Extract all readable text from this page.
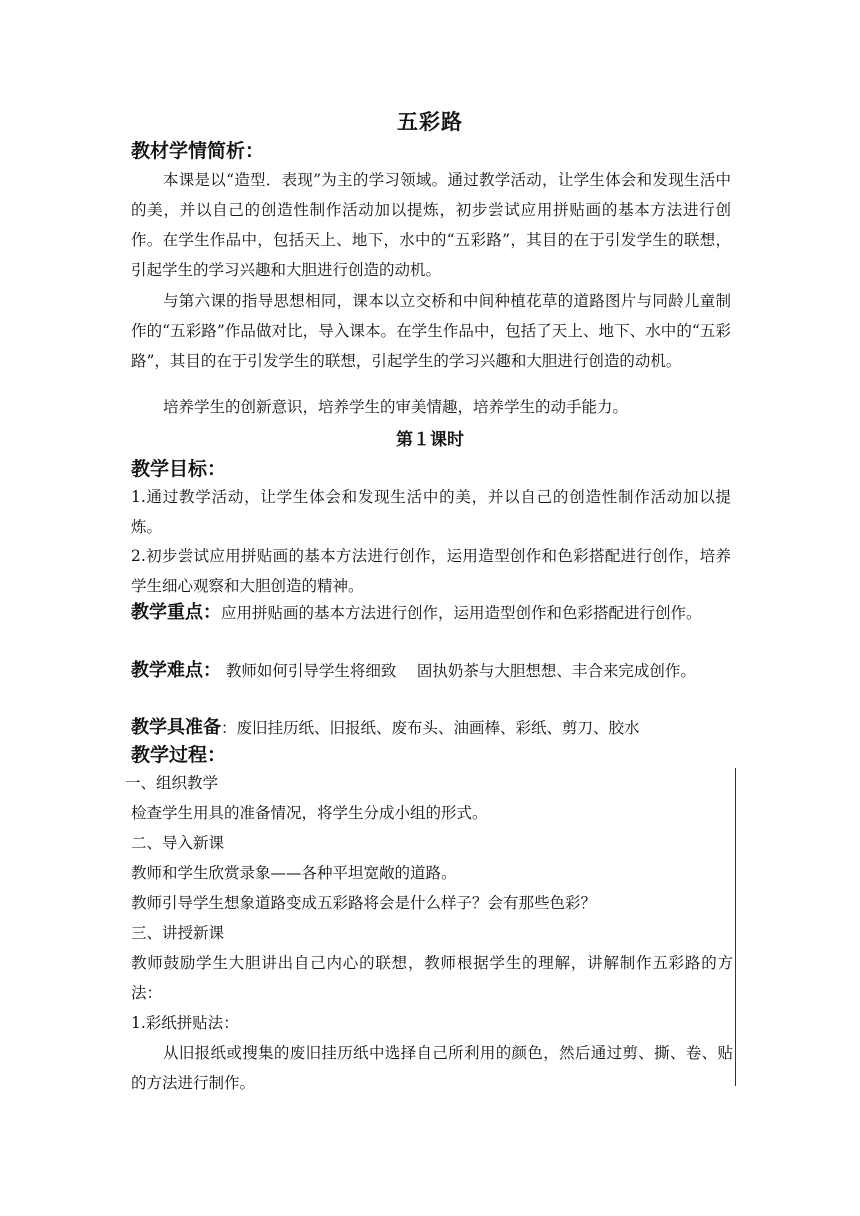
五彩路
教材学情简析：
本课是以“造型．表现”为主的学习领域。通过教学活动，让学生体会和发现生活中的美，并以自己的创造性制作活动加以提炼，初步尝试应用拼贴画的基本方法进行创作。在学生作品中，包括天上、地下，水中的“五彩路”，其目的在于引发学生的联想，引起学生的学习兴趣和大胆进行创造的动机。
与第六课的指导思想相同，课本以立交桥和中间种植花草的道路图片与同龄儿童制作的“五彩路”作品做对比，导入课本。在学生作品中，包括了天上、地下、水中的“五彩路”，其目的在于引发学生的联想，引起学生的学习兴趣和大胆进行创造的动机。
培养学生的创新意识，培养学生的审美情趣，培养学生的动手能力。
第１课时
教学目标：
1.通过教学活动，让学生体会和发现生活中的美，并以自己的创造性制作活动加以提炼。
2.初步尝试应用拼贴画的基本方法进行创作，运用造型创作和色彩搭配进行创作，培养学生细心观察和大胆创造的精神。
教学重点：应用拼贴画的基本方法进行创作，运用造型创作和色彩搭配进行创作。
教学难点： 教师如何引导学生将细致　 固执奶茶与大胆想想、丰合来完成创作。
教学具准备：废旧挂历纸、旧报纸、废布头、油画棒、彩纸、剪刀、胶水
教学过程：
一、组织教学
检查学生用具的准备情况，将学生分成小组的形式。
二、导入新课
教师和学生欣赏录象——各种平坦宽敞的道路。
教师引导学生想象道路变成五彩路将会是什么样子？会有那些色彩？
三、讲授新课
教师鼓励学生大胆讲出自己内心的联想，教师根据学生的理解，讲解制作五彩路的方法：
1.彩纸拼贴法：
从旧报纸或搜集的废旧挂历纸中选择自己所利用的颜色，然后通过剪、撕、卷、贴的方法进行制作。
